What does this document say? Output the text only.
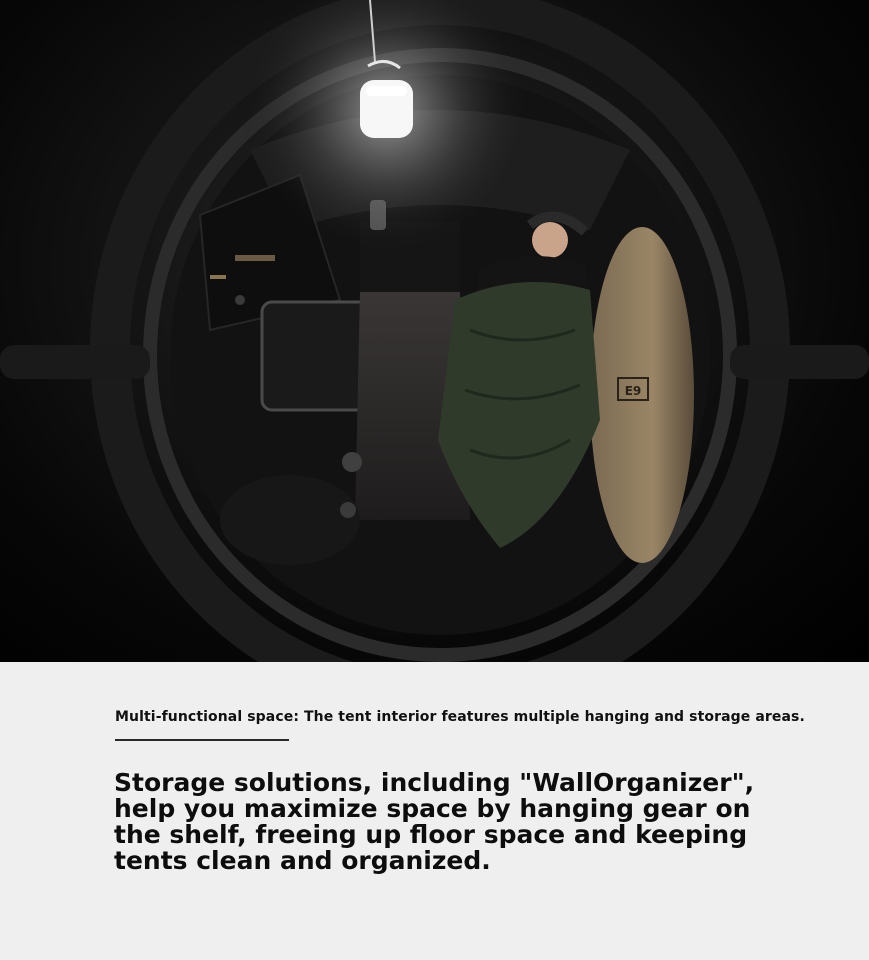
E9
Multi-functional space: The tent interior features multiple hanging and storage areas.

Storage solutions, including "WallOrganizer", help you maximize space by hanging gear on the shelf, freeing up floor space and keeping tents clean and organized.
